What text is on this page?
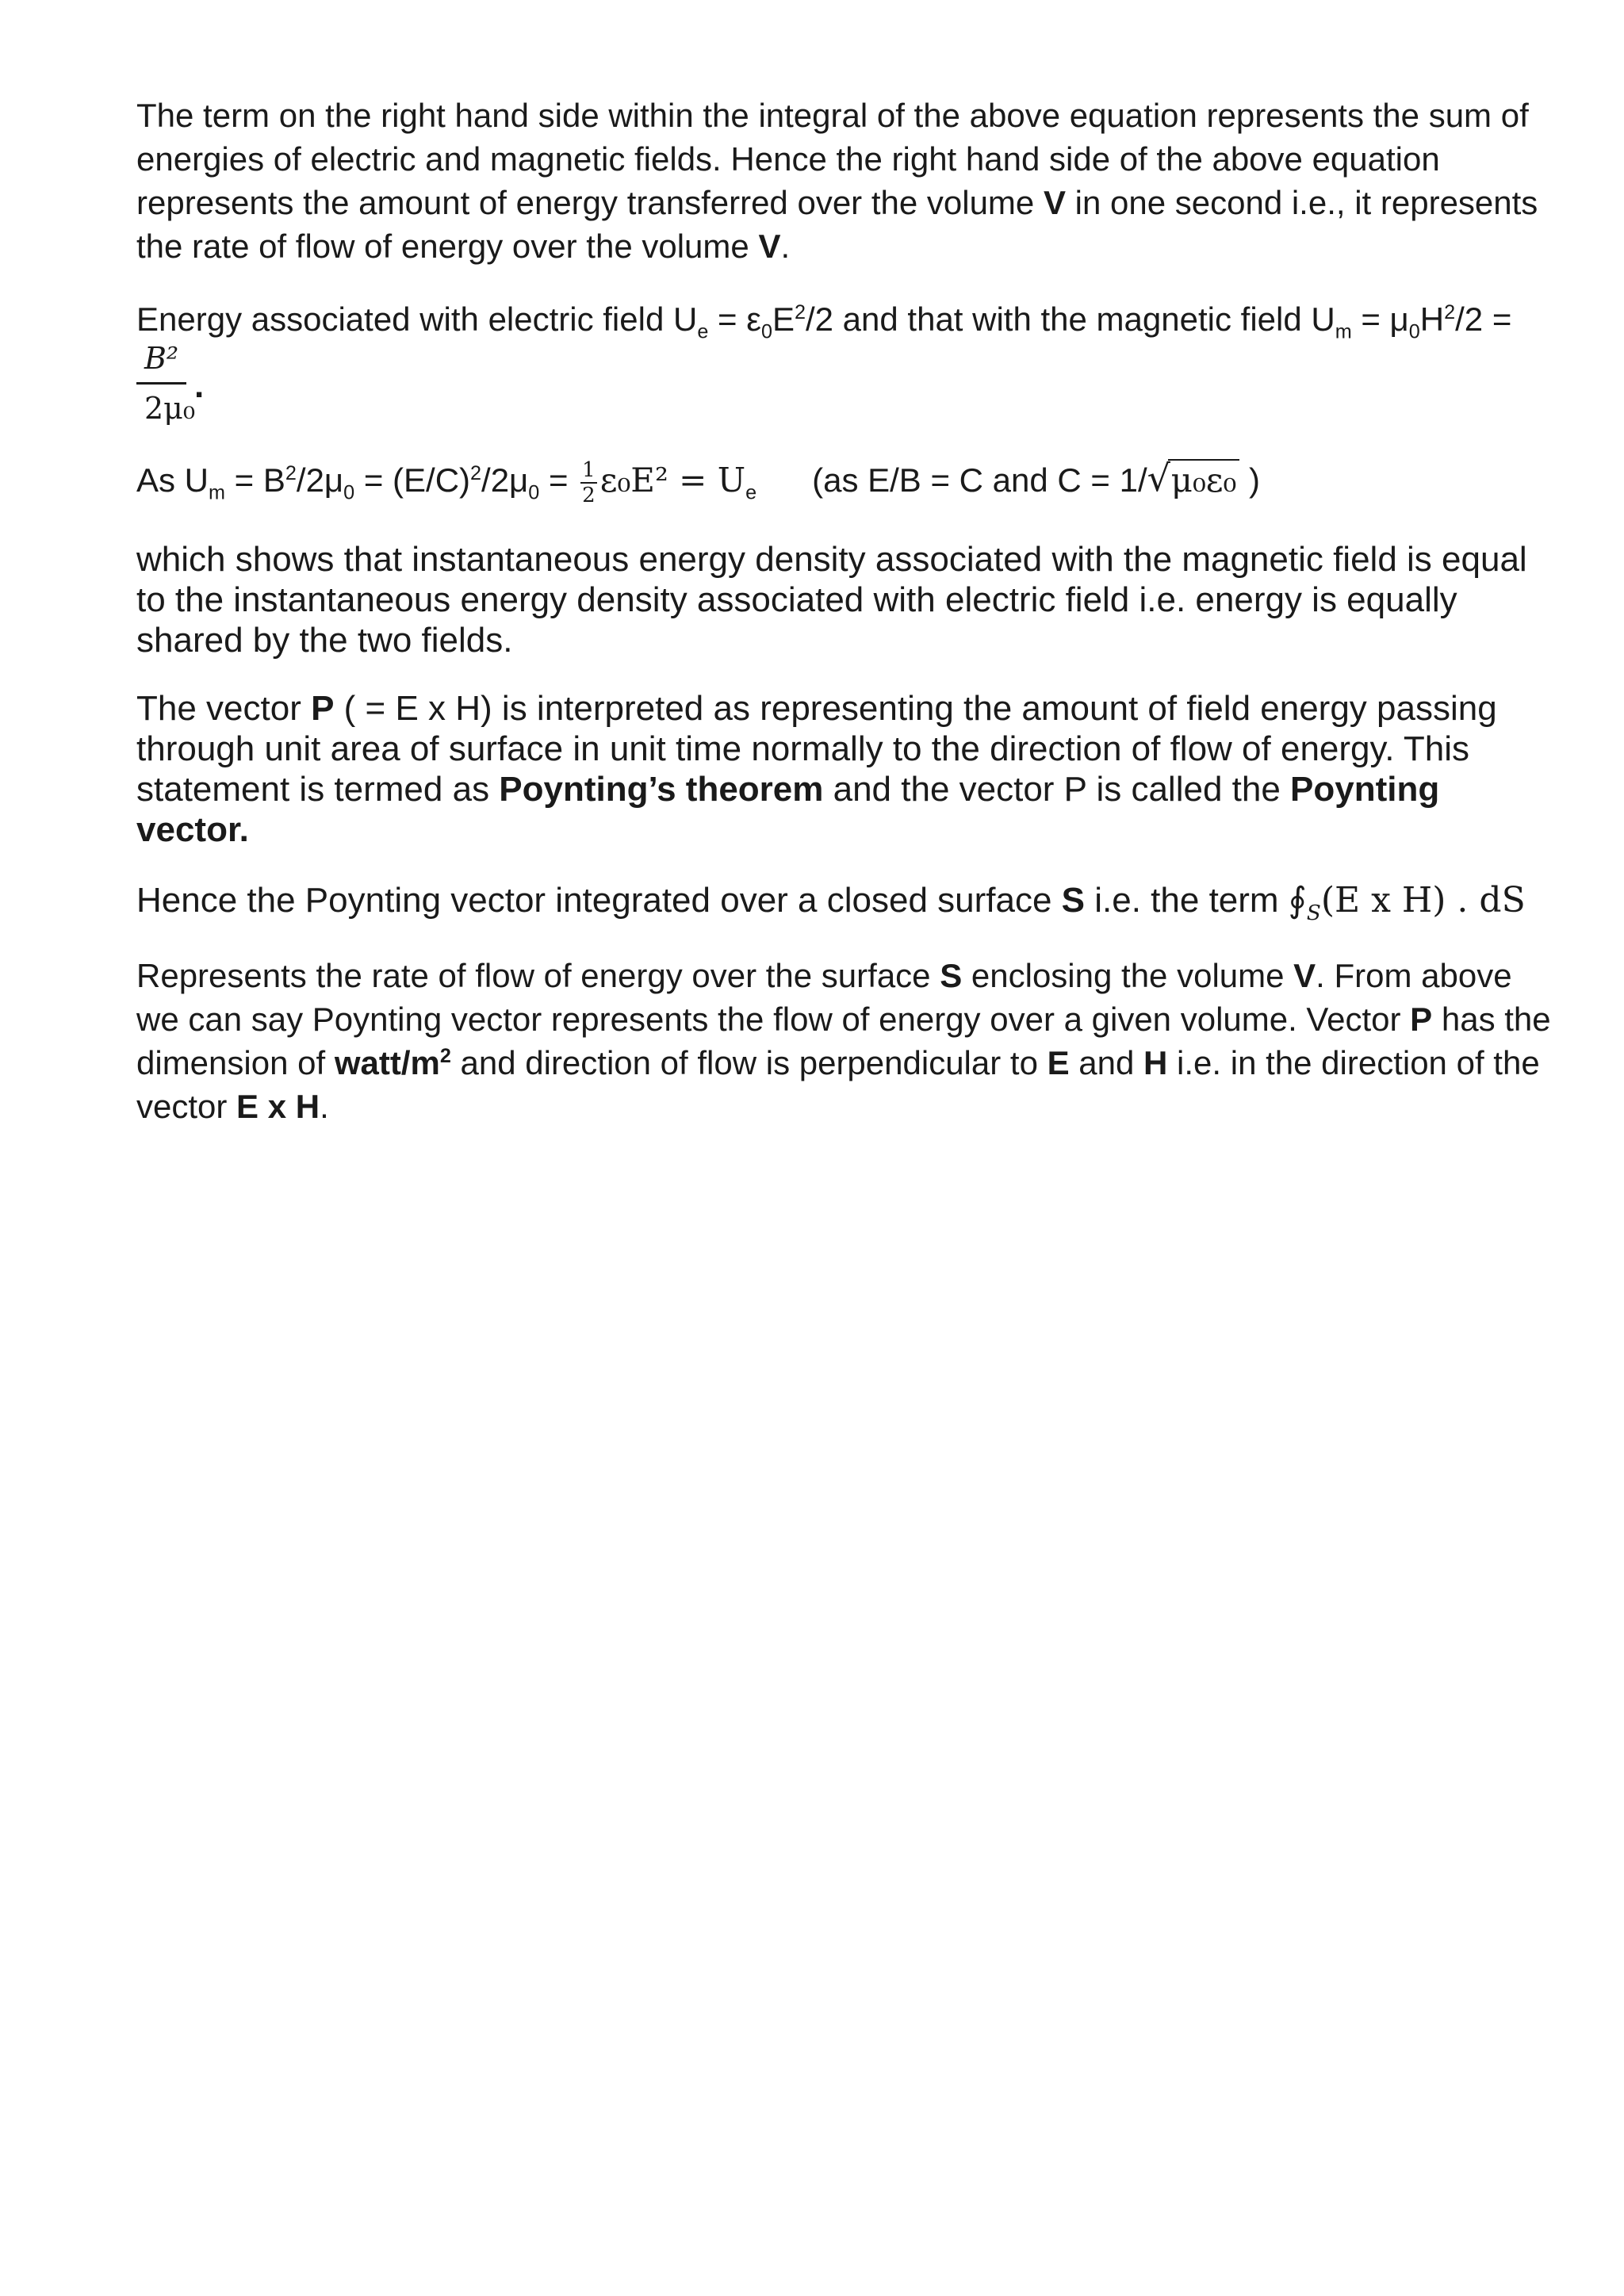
The term on the right hand side within the integral of the above equation represents the sum of energies of electric and magnetic fields. Hence the right hand side of the above equation represents the amount of energy transferred over the volume V in one second i.e., it represents the rate of flow of energy over the volume V.

Energy associated with electric field $U_e = \varepsilon_0E^2/2$ and that with the magnetic field $U_m = \mu_0H^2/2$ =

$\frac{\text{B²}}{\text{2μ₀}}$
.

As $U_m = B^2/2\mu_0 = (E/C)^2/2\mu_0 = \frac{1}{2} \varepsilon_0E^2 = U_e$ (as E/B = C and C = 1/ √ μ₀ε₀ )

which shows that instantaneous energy density associated with the magnetic field is equal to the instantaneous energy density associated with electric field i.e. energy is equally shared by the two fields.

The vector P ( = E x H) is interpreted as representing the amount of field energy passing through unit area of surface in unit time normally to the direction of flow of energy. This statement is termed as Poynting’s theorem and the vector P is called the Poynting vector.

Hence the Poynting vector integrated over a closed surface S i.e. the term $∮_S(E$ x H) . dS

Represents the rate of flow of energy over the surface S enclosing the volume V. From above we can say Poynting vector represents the flow of energy over a given volume. Vector P has the dimension of watt/$m^2$ and direction of flow is perpendicular to E and H i.e. in the direction of the vector E x H.
